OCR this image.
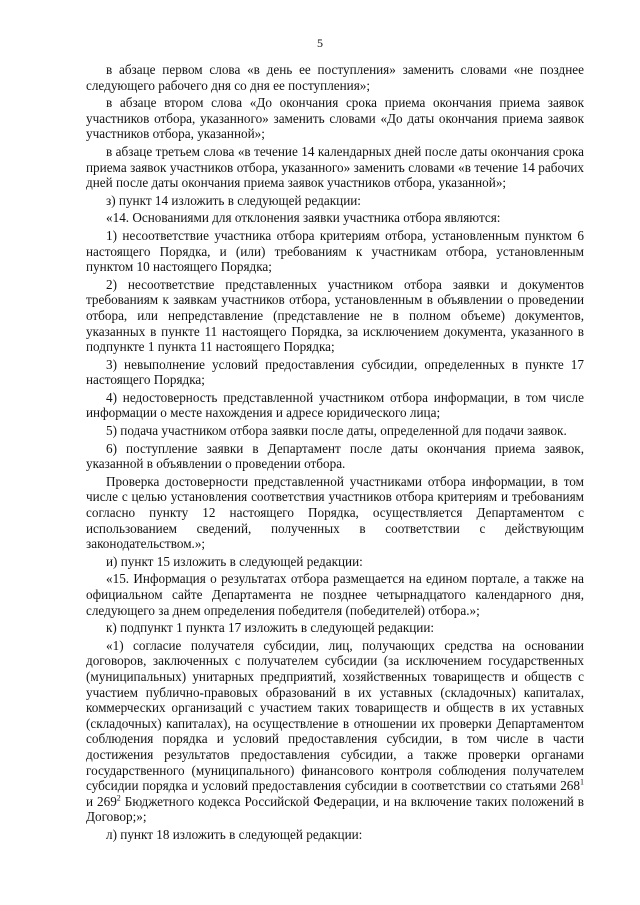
5

в абзаце первом слова «в день ее поступления» заменить словами «не позднее следующего рабочего дня со дня ее поступления»;

в абзаце втором слова «До окончания срока приема окончания приема заявок участников отбора, указанного» заменить словами «До даты окончания приема заявок участников отбора, указанной»;

в абзаце третьем слова «в течение 14 календарных дней после даты окончания срока приема заявок участников отбора, указанного» заменить словами «в течение 14 рабочих дней после даты окончания приема заявок участников отбора, указанной»;

з) пункт 14 изложить в следующей редакции:

«14. Основаниями для отклонения заявки участника отбора являются:

1) несоответствие участника отбора критериям отбора, установленным пунктом 6 настоящего Порядка, и (или) требованиям к участникам отбора, установленным пунктом 10 настоящего Порядка;

2) несоответствие представленных участником отбора заявки и документов требованиям к заявкам участников отбора, установленным в объявлении о проведении отбора, или непредставление (представление не в полном объеме) документов, указанных в пункте 11 настоящего Порядка, за исключением документа, указанного в подпункте 1 пункта 11 настоящего Порядка;

3) невыполнение условий предоставления субсидии, определенных в пункте 17 настоящего Порядка;

4) недостоверность представленной участником отбора информации, в том числе информации о месте нахождения и адресе юридического лица;

5) подача участником отбора заявки после даты, определенной для подачи заявок.

6) поступление заявки в Департамент после даты окончания приема заявок, указанной в объявлении о проведении отбора.

Проверка достоверности представленной участниками отбора информации, в том числе с целью установления соответствия участников отбора критериям и требованиям согласно пункту 12 настоящего Порядка, осуществляется Департаментом с использованием сведений, полученных в соответствии с действующим законодательством.»;

и) пункт 15 изложить в следующей редакции:

«15. Информация о результатах отбора размещается на едином портале, а также на официальном сайте Департамента не позднее четырнадцатого календарного дня, следующего за днем определения победителя (победителей) отбора.»;

к) подпункт 1 пункта 17 изложить в следующей редакции:

«1) согласие получателя субсидии, лиц, получающих средства на основании договоров, заключенных с получателем субсидии (за исключением государственных (муниципальных) унитарных предприятий, хозяйственных товариществ и обществ с участием публично-правовых образований в их уставных (складочных) капиталах, коммерческих организаций с участием таких товариществ и обществ в их уставных (складочных) капиталах), на осуществление в отношении их проверки Департаментом соблюдения порядка и условий предоставления субсидии, в том числе в части достижения результатов предоставления субсидии, а также проверки органами государственного (муниципального) финансового контроля соблюдения получателем субсидии порядка и условий предоставления субсидии в соответствии со статьями $268^1$ и $269^2$ Бюджетного кодекса Российской Федерации, и на включение таких положений в Договор;»;

л) пункт 18 изложить в следующей редакции:
